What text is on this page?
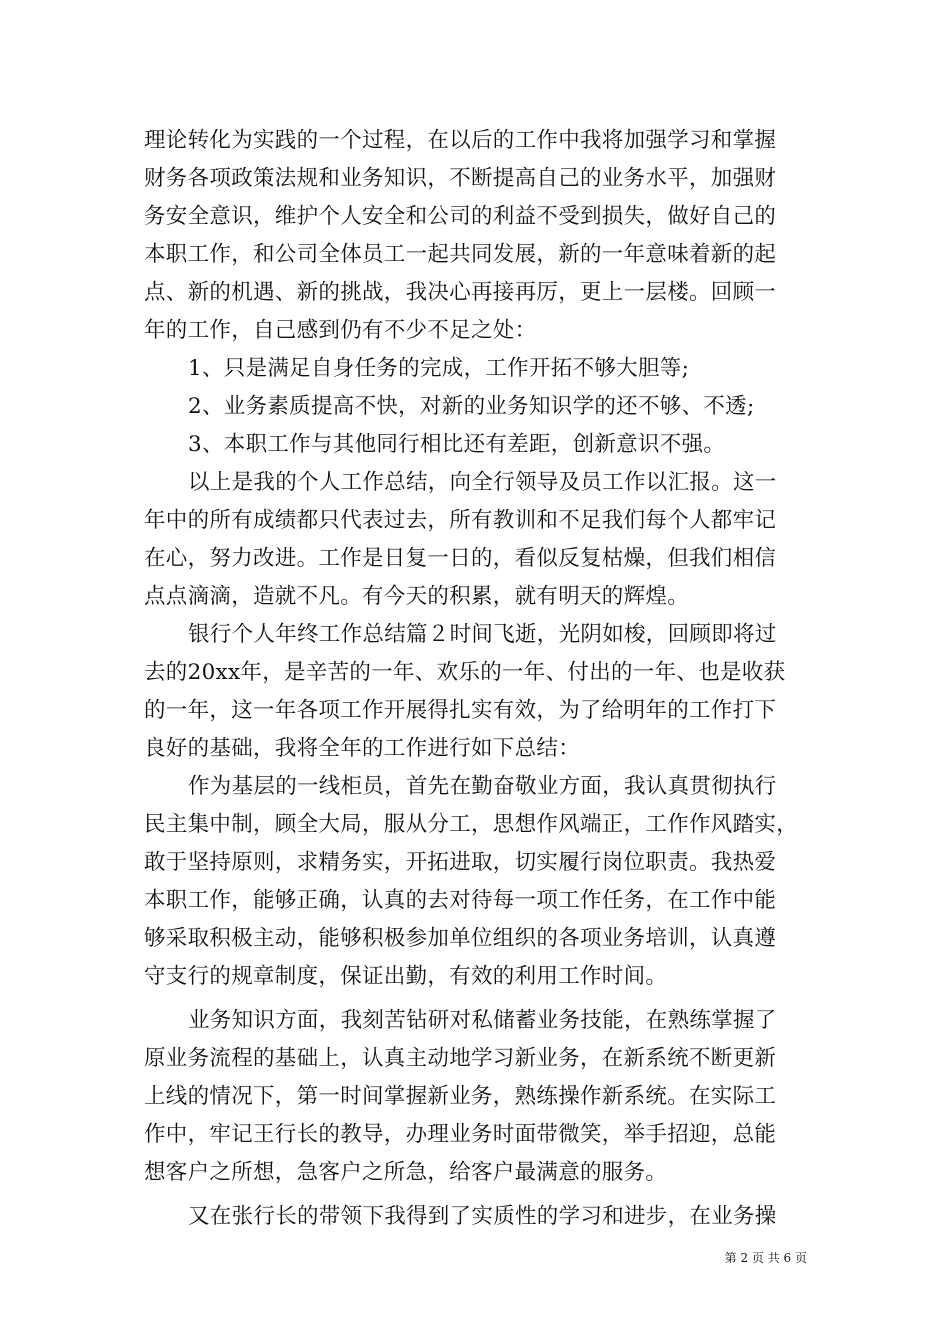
理论转化为实践的一个过程，在以后的工作中我将加强学习和掌握
财务各项政策法规和业务知识，不断提高自己的业务水平，加强财
务安全意识，维护个人安全和公司的利益不受到损失，做好自己的
本职工作，和公司全体员工一起共同发展，新的一年意味着新的起
点、新的机遇、新的挑战，我决心再接再厉，更上一层楼。回顾一
年的工作，自己感到仍有不少不足之处：
1、只是满足自身任务的完成，工作开拓不够大胆等;
2、业务素质提高不快，对新的业务知识学的还不够、不透;
3、本职工作与其他同行相比还有差距，创新意识不强。
以上是我的个人工作总结，向全行领导及员工作以汇报。这一
年中的所有成绩都只代表过去，所有教训和不足我们每个人都牢记
在心，努力改进。工作是日复一日的，看似反复枯燥，但我们相信
点点滴滴，造就不凡。有今天的积累，就有明天的辉煌。
银行个人年终工作总结篇２时间飞逝，光阴如梭，回顾即将过
去的20xx年，是辛苦的一年、欢乐的一年、付出的一年、也是收获
的一年，这一年各项工作开展得扎实有效，为了给明年的工作打下
良好的基础，我将全年的工作进行如下总结：
作为基层的一线柜员，首先在勤奋敬业方面，我认真贯彻执行
民主集中制，顾全大局，服从分工，思想作风端正，工作作风踏实，
敢于坚持原则，求精务实，开拓进取，切实履行岗位职责。我热爱
本职工作，能够正确，认真的去对待每一项工作任务，在工作中能
够采取积极主动，能够积极参加单位组织的各项业务培训，认真遵
守支行的规章制度，保证出勤，有效的利用工作时间。
业务知识方面，我刻苦钻研对私储蓄业务技能，在熟练掌握了
原业务流程的基础上，认真主动地学习新业务，在新系统不断更新
上线的情况下，第一时间掌握新业务，熟练操作新系统。在实际工
作中，牢记王行长的教导，办理业务时面带微笑，举手招迎，总能
想客户之所想，急客户之所急，给客户最满意的服务。
又在张行长的带领下我得到了实质性的学习和进步，在业务操
第 2 页 共 6 页
